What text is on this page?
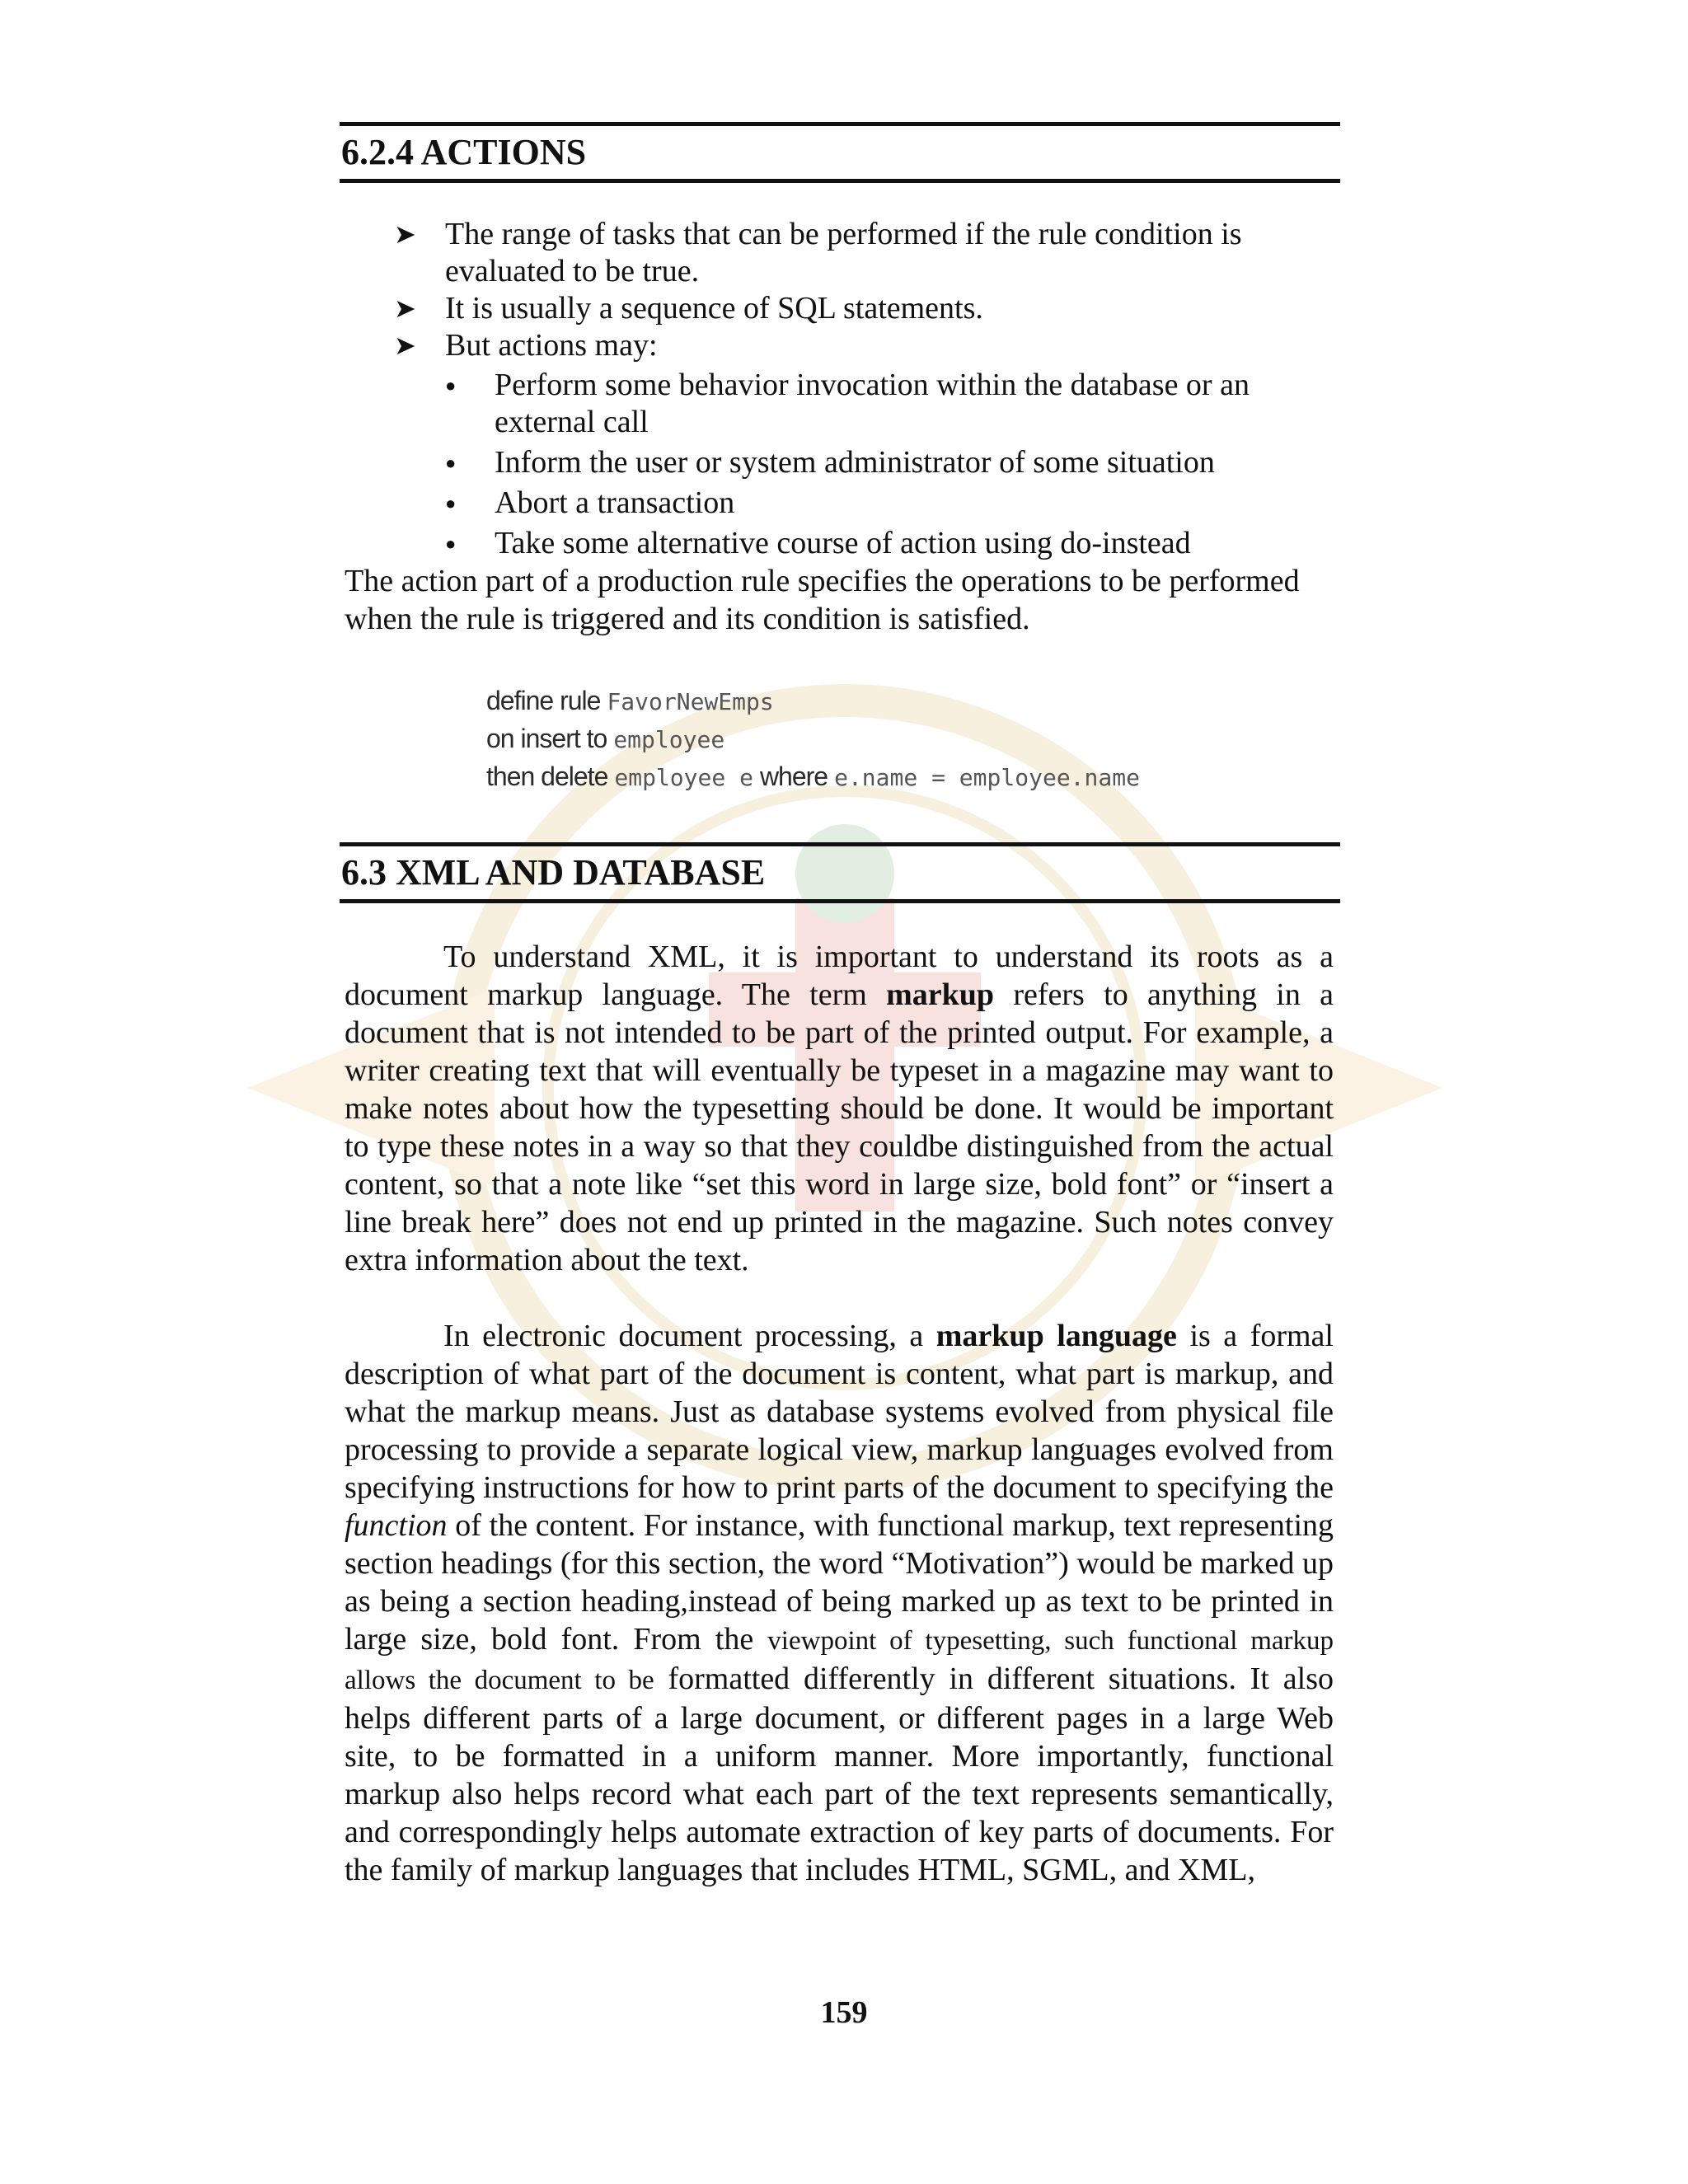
6.2.4 ACTIONS
➤ The range of tasks that can be performed if the rule condition is evaluated to be true.
➤ It is usually a sequence of SQL statements.
➤ But actions may:
●	Perform some behavior invocation within the database or an external call
●	Inform the user or system administrator of some situation
●	Abort a transaction
●	Take some alternative course of action using do-instead
The action part of a production rule specifies the operations to be performed when the rule is triggered and its condition is satisfied.
define rule FavorNewEmps
on insert to employee
then delete employee e where e.name = employee.name
6.3 XML AND DATABASE
To understand XML, it is important to understand its roots as a document markup language. The term markup refers to anything in a document that is not intended to be part of the printed output. For example, a writer creating text that will eventually be typeset in a magazine may want to make notes about how the typesetting should be done. It would be important to type these notes in a way so that they couldbe distinguished from the actual content, so that a note like “set this word in large size, bold font” or “insert a line break here” does not end up printed in the magazine. Such notes convey extra information about the text.
In electronic document processing, a markup language is a formal description of what part of the document is content, what part is markup, and what the markup means. Just as database systems evolved from physical file processing to provide a separate logical view, markup languages evolved from specifying instructions for how to print parts of the document to specifying the function of the content. For instance, with functional markup, text representing section headings (for this section, the word “Motivation”) would be marked up as being a section heading,instead of being marked up as text to be printed in large size, bold font. From the viewpoint of typesetting, such functional markup allows the document to be formatted differently in different situations. It also helps different parts of a large document, or different pages in a large Web site, to be formatted in a uniform manner. More importantly, functional markup also helps record what each part of the text represents semantically, and correspondingly helps automate extraction of key parts of documents. For the family of markup languages that includes HTML, SGML, and XML,
159
